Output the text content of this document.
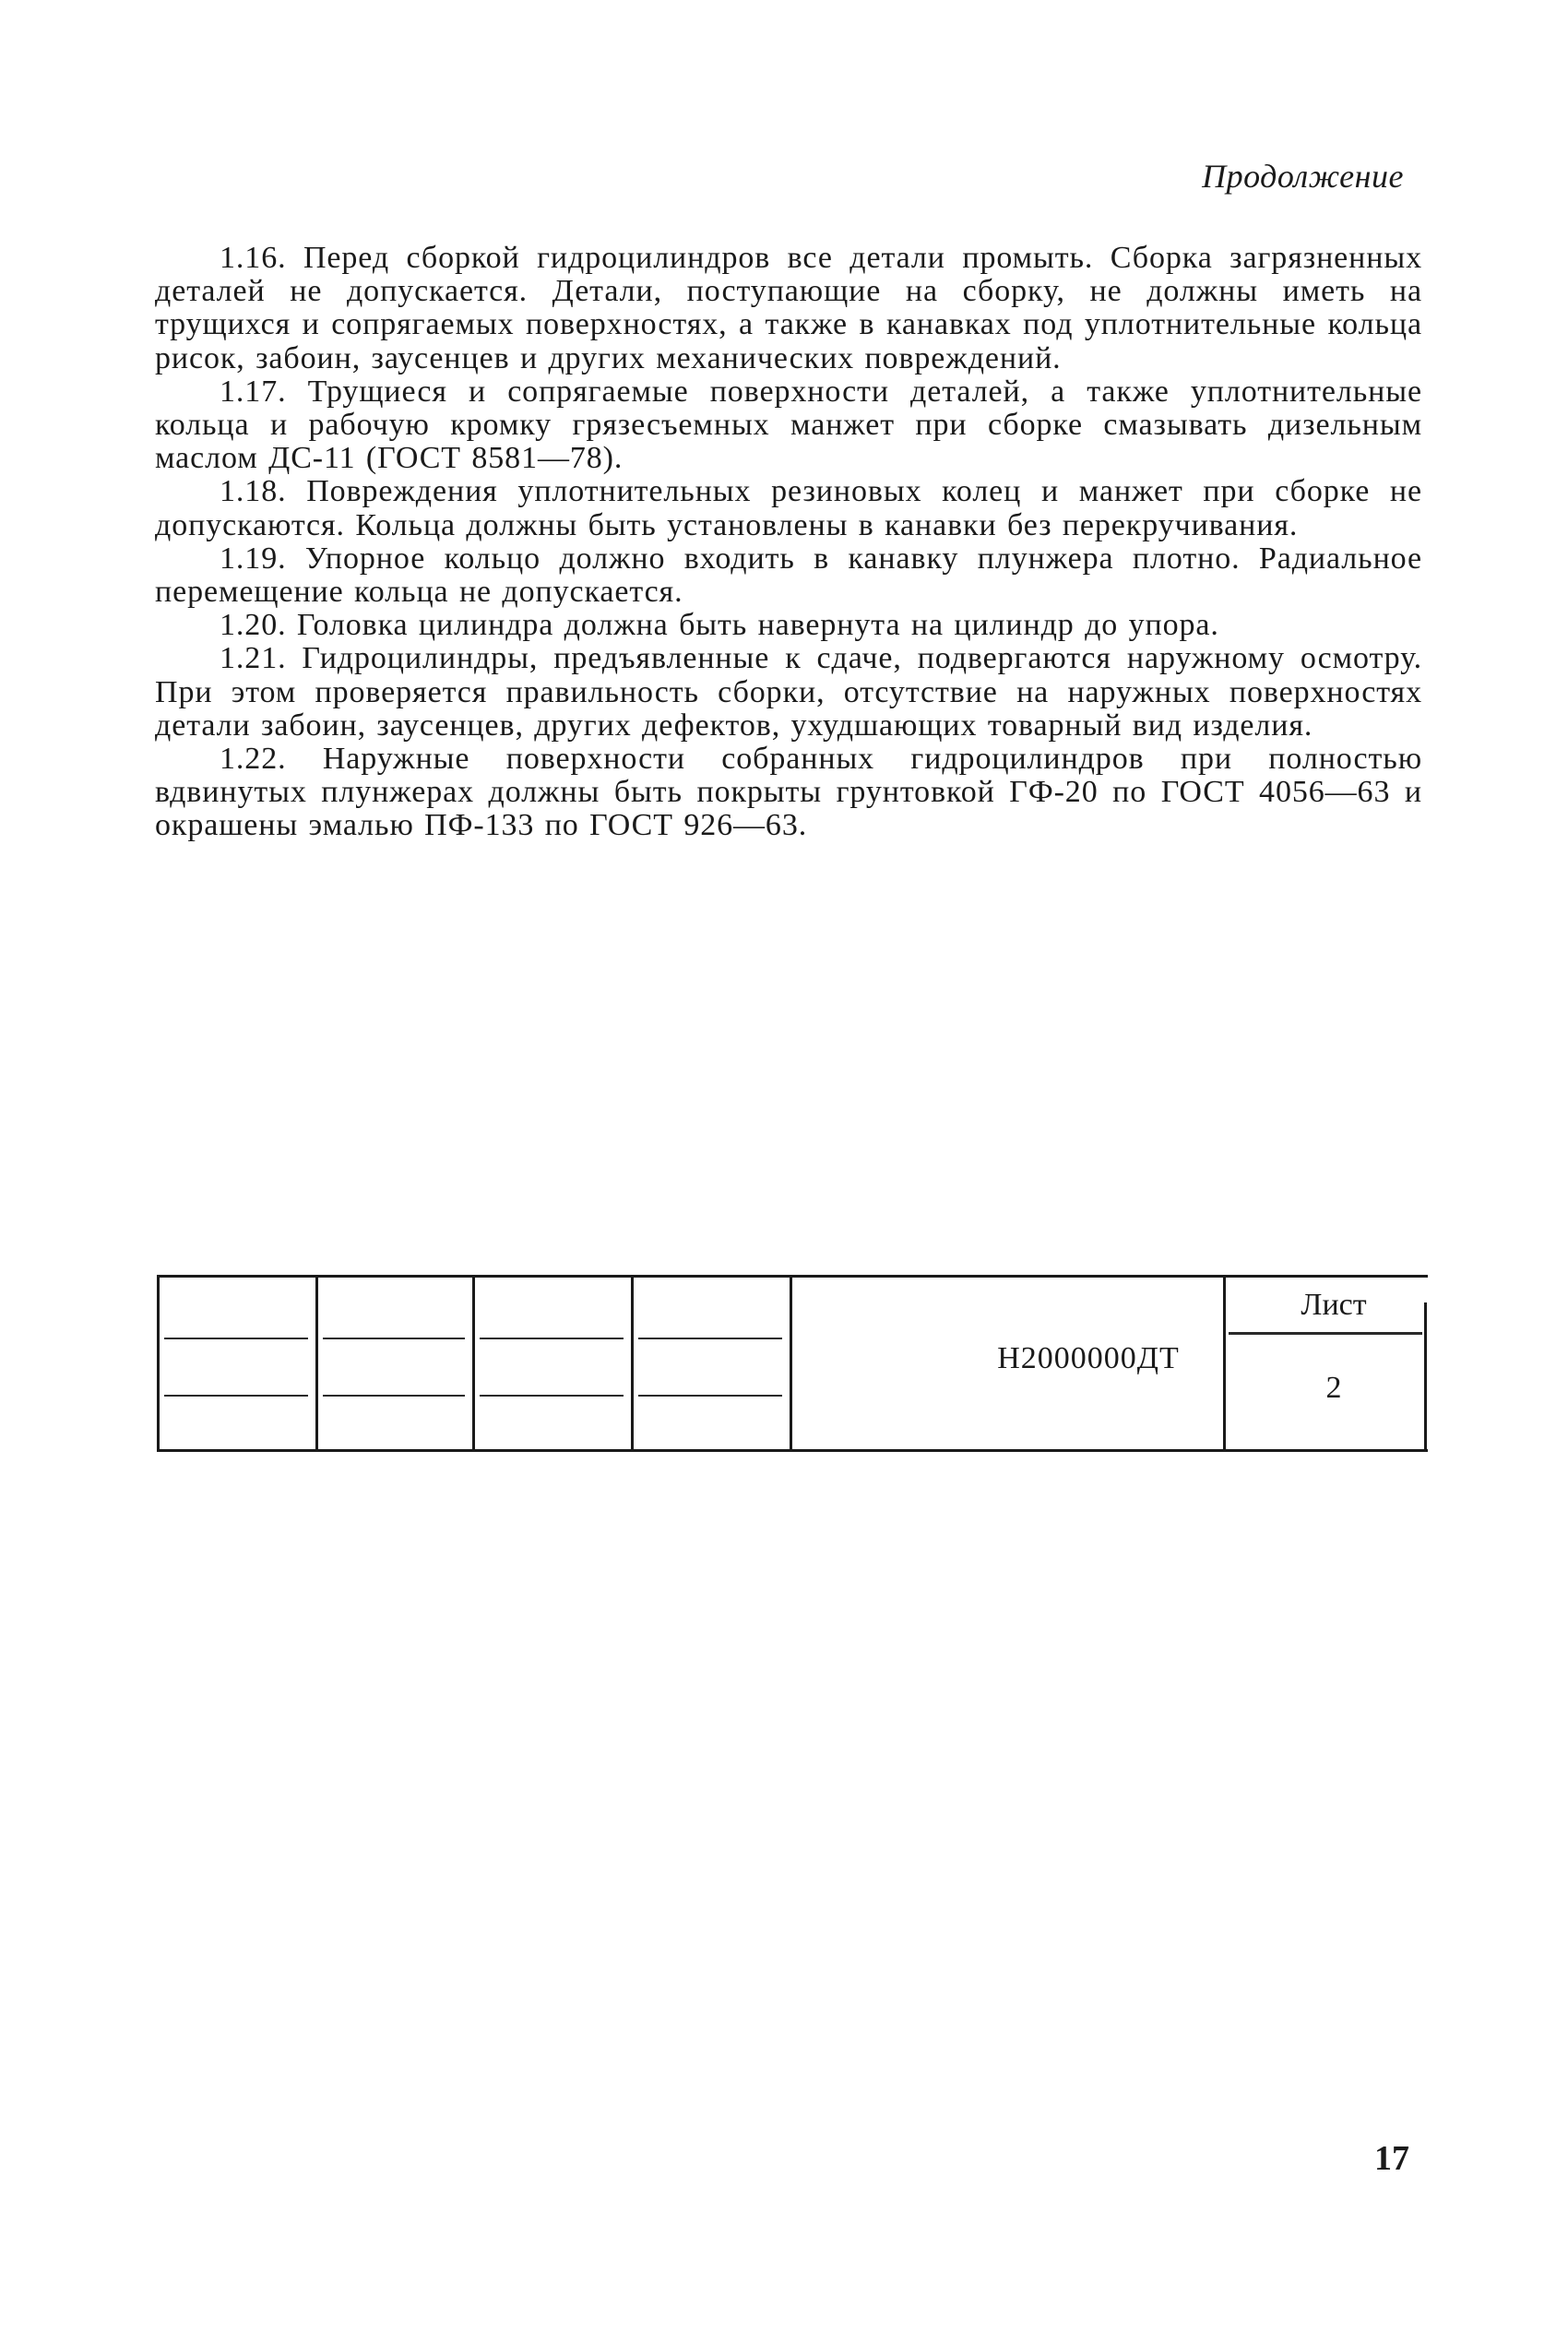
Продолжение

1.16. Перед сборкой гидроцилиндров все детали промыть. Сборка загрязненных деталей не допускается. Детали, поступающие на сборку, не должны иметь на трущихся и сопрягаемых поверхностях, а также в канавках под уплотнительные кольца рисок, забоин, заусенцев и других механических повреждений.

1.17. Трущиеся и сопрягаемые поверхности деталей, а также уплотнительные кольца и рабочую кромку грязесъемных манжет при сборке смазывать дизельным маслом ДС-11 (ГОСТ 8581—78).

1.18. Повреждения уплотнительных резиновых колец и манжет при сборке не допускаются. Кольца должны быть установлены в канавки без перекручивания.

1.19. Упорное кольцо должно входить в канавку плунжера плотно. Радиальное перемещение кольца не допускается.

1.20. Головка цилиндра должна быть навернута на цилиндр до упора.

1.21. Гидроцилиндры, предъявленные к сдаче, подвергаются наружному осмотру. При этом проверяется правильность сборки, отсутствие на наружных поверхностях детали забоин, заусенцев, других дефектов, ухудшающих товарный вид изделия.

1.22. Наружные поверхности собранных гидроцилиндров при полностью вдвинутых плунжерах должны быть покрыты грунтовкой ГФ-20 по ГОСТ 4056—63 и окрашены эмалью ПФ-133 по ГОСТ 926—63.

Н2000000ДТ
Лист
2
17
